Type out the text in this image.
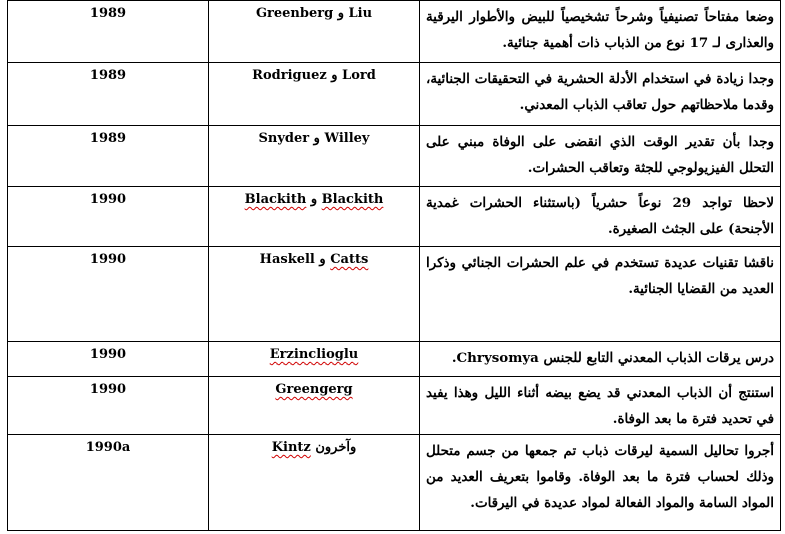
وضعا مفتاحاً تصنيفياً وشرحاً تشخيصياً للبيض والأطوار اليرقية والعذارى لـ 17 نوع من الذباب ذات أهمية جنائية.	Greenberg و Liu	1989
وجدا زيادة في استخدام الأدلة الحشرية في التحقيقات الجنائية، وقدما ملاحظاتهم حول تعاقب الذباب المعدني.	Rodriguez و Lord	1989
وجدا بأن تقدير الوقت الذي انقضى على الوفاة مبني على التحلل الفيزيولوجي للجثة وتعاقب الحشرات.	Snyder و Willey	1989
لاحظا تواجد 29 نوعاً حشرياً (باستثناء الحشرات غمدية الأجنحة) على الجثث الصغيرة.	Blackith و Blackith	1990
ناقشا تقنيات عديدة تستخدم في علم الحشرات الجنائي وذكرا العديد من القضايا الجنائية.	Haskell و Catts	1990
درس يرقات الذباب المعدني التابع للجنس Chrysomya.	Erzinclioglu	1990
استنتج أن الذباب المعدني قد يضع بيضه أثناء الليل وهذا يفيد في تحديد فترة ما بعد الوفاة.	Greengerg	1990
أجروا تحاليل السمية ليرقات ذباب تم جمعها من جسم متحلل وذلك لحساب فترة ما بعد الوفاة. وقاموا بتعريف العديد من المواد السامة والمواد الفعالة لمواد عديدة في اليرقات.	Kintz وآخرون	1990a
